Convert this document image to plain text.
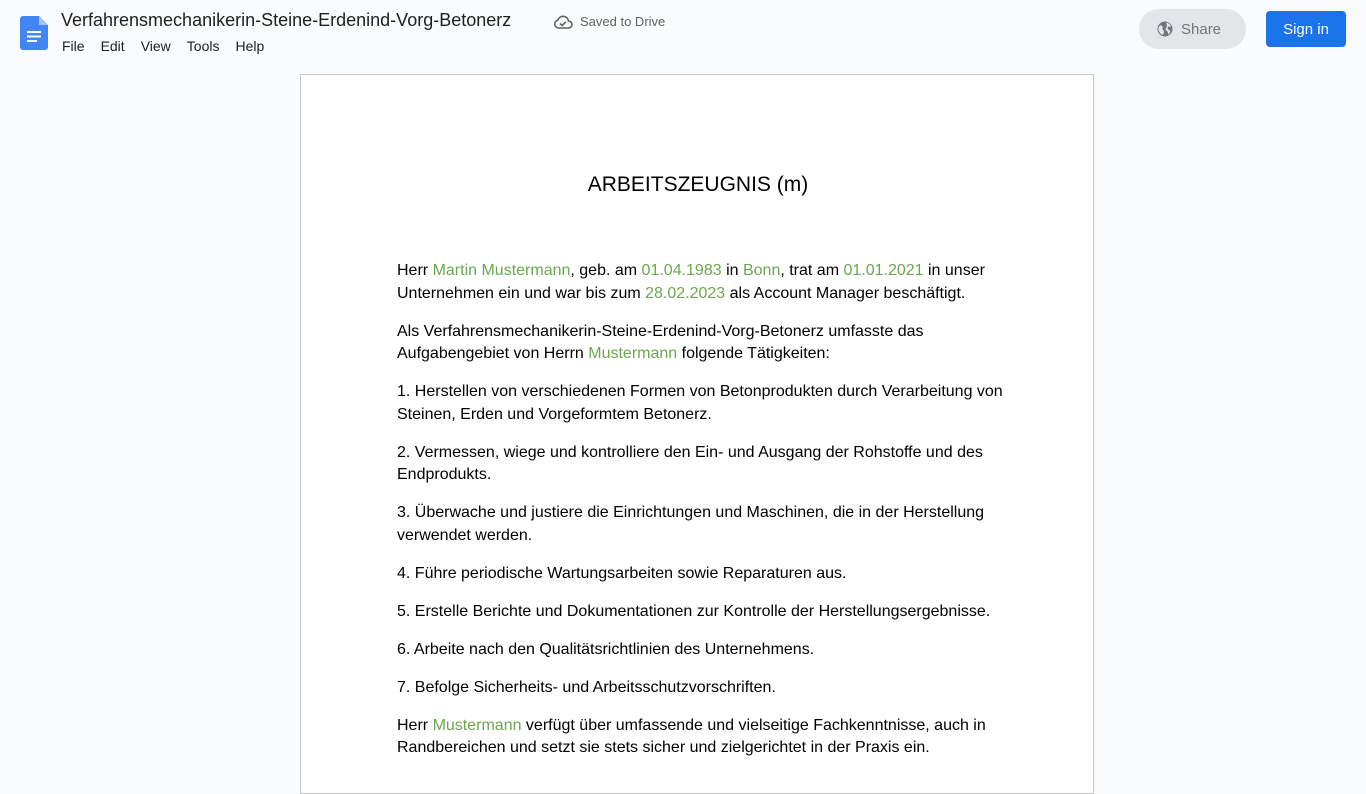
Verfahrensmechanikerin-Steine-Erdenind-Vorg-Betonerz	Saved to Drive
File	Edit	View	Tools	Help
Share	Sign in
ARBEITSZEUGNIS (m)

Herr Martin Mustermann, geb. am 01.04.1983 in Bonn, trat am 01.01.2021 in unser Unternehmen ein und war bis zum 28.02.2023 als Account Manager beschäftigt.

Als Verfahrensmechanikerin-Steine-Erdenind-Vorg-Betonerz umfasste das Aufgabengebiet von Herrn Mustermann folgende Tätigkeiten:

1. Herstellen von verschiedenen Formen von Betonprodukten durch Verarbeitung von Steinen, Erden und Vorgeformtem Betonerz.

2. Vermessen, wiege und kontrolliere den Ein- und Ausgang der Rohstoffe und des Endprodukts.

3. Überwache und justiere die Einrichtungen und Maschinen, die in der Herstellung verwendet werden.

4. Führe periodische Wartungsarbeiten sowie Reparaturen aus.

5. Erstelle Berichte und Dokumentationen zur Kontrolle der Herstellungsergebnisse.

6. Arbeite nach den Qualitätsrichtlinien des Unternehmens.

7. Befolge Sicherheits- und Arbeitsschutzvorschriften.

Herr Mustermann verfügt über umfassende und vielseitige Fachkenntnisse, auch in Randbereichen und setzt sie stets sicher und zielgerichtet in der Praxis ein.
